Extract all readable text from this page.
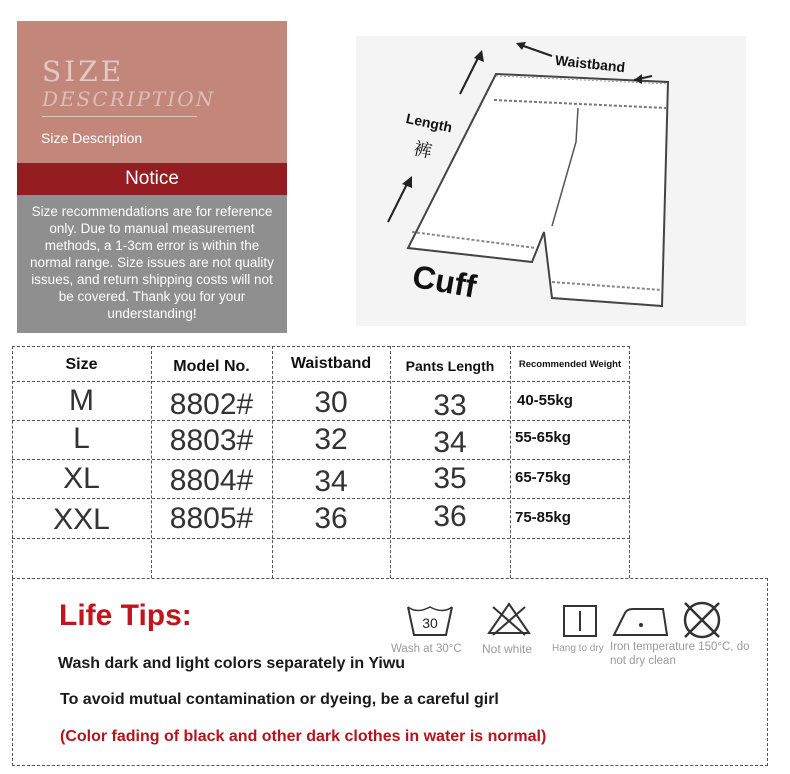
SIZE
DESCRIPTION
Size Description
Notice
Size recommendations are for reference only. Due to manual measurement methods, a 1-3cm error is within the normal range. Size issues are not quality issues, and return shipping costs will not be covered. Thank you for your understanding!
Waistband
Length
裤
Cuff
Size	Model No.	Waistband	Pants Length	Recommended Weight
M	8802#	30	33	40-55kg
L	8803#	32	34	55-65kg
XL	8804#	34	35	65-75kg
XXL	8805#	36	36	75-85kg
Life Tips:
Wash dark and light colors separately in Yiwu
To avoid mutual contamination or dyeing, be a careful girl
(Color fading of black and other dark clothes in water is normal)
30
Wash at 30°C Not white Hang to dry Iron temperature 150°C, do not dry clean
